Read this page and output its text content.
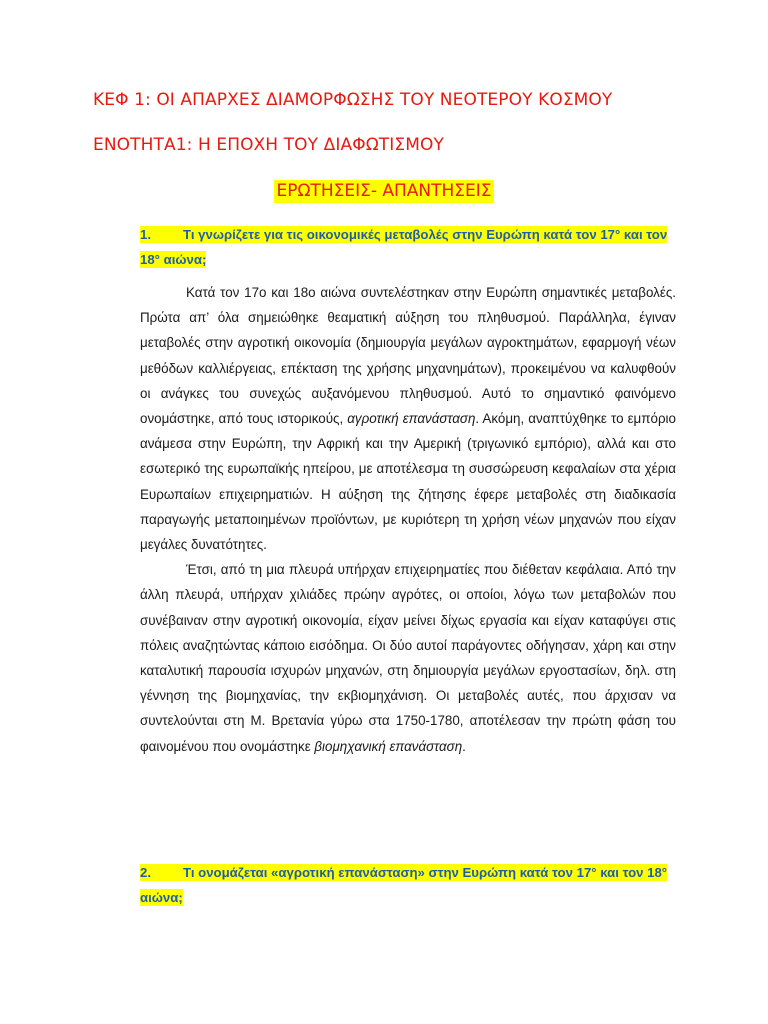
ΚΕΦ 1: ΟΙ ΑΠΑΡΧΕΣ ΔΙΑΜΟΡΦΩΣΗΣ ΤΟΥ ΝΕΟΤΕΡΟΥ ΚΟΣΜΟΥ
ΕΝΟΤΗΤΑ1: Η ΕΠΟΧΗ ΤΟΥ ΔΙΑΦΩΤΙΣΜΟΥ
ΕΡΩΤΗΣΕΙΣ- ΑΠΑΝΤΗΣΕΙΣ

1. Τι γνωρίζετε για τις οικονομικές μεταβολές στην Ευρώπη κατά τον 17° και τον 18° αιώνα;

Κατά τον 17ο και 18ο αιώνα συντελέστηκαν στην Ευρώπη σημαντικές μεταβολές. Πρώτα απ’ όλα σημειώθηκε θεαματική αύξηση του πληθυσμού. Παράλληλα, έγιναν μεταβολές στην αγροτική οικονομία (δημιουργία μεγάλων αγροκτημάτων, εφαρμογή νέων μεθόδων καλλιέργειας, επέκταση της χρήσης μηχανημάτων), προκειμένου να καλυφθούν οι ανάγκες του συνεχώς αυξανόμενου πληθυσμού. Αυτό το σημαντικό φαινόμενο ονομάστηκε, από τους ιστορικούς, αγροτική επανάσταση. Ακόμη, αναπτύχθηκε το εμπόριο ανάμεσα στην Ευρώπη, την Αφρική και την Αμερική (τριγωνικό εμπόριο), αλλά και στο εσωτερικό της ευρωπαϊκής ηπείρου, με αποτέλεσμα τη συσσώρευση κεφαλαίων στα χέρια Ευρωπαίων επιχειρηματιών. Η αύξηση της ζήτησης έφερε μεταβολές στη διαδικασία παραγωγής μεταποιημένων προϊόντων, με κυριότερη τη χρήση νέων μηχανών που είχαν μεγάλες δυνατότητες.

Έτσι, από τη μια πλευρά υπήρχαν επιχειρηματίες που διέθεταν κεφάλαια. Από την άλλη πλευρά, υπήρχαν χιλιάδες πρώην αγρότες, οι οποίοι, λόγω των μεταβολών που συνέβαιναν στην αγροτική οικονομία, είχαν μείνει δίχως εργασία και είχαν καταφύγει στις πόλεις αναζητώντας κάποιο εισόδημα. Οι δύο αυτοί παράγοντες οδήγησαν, χάρη και στην καταλυτική παρουσία ισχυρών μηχανών, στη δημιουργία μεγάλων εργοστασίων, δηλ. στη γέννηση της βιομηχανίας, την εκβιομηχάνιση. Οι μεταβολές αυτές, που άρχισαν να συντελούνται στη Μ. Βρετανία γύρω στα 1750-1780, αποτέλεσαν την πρώτη φάση του φαινομένου που ονομάστηκε βιομηχανική επανάσταση.

2. Τι ονομάζεται «αγροτική επανάσταση» στην Ευρώπη κατά τον 17° και τον 18° αιώνα;
